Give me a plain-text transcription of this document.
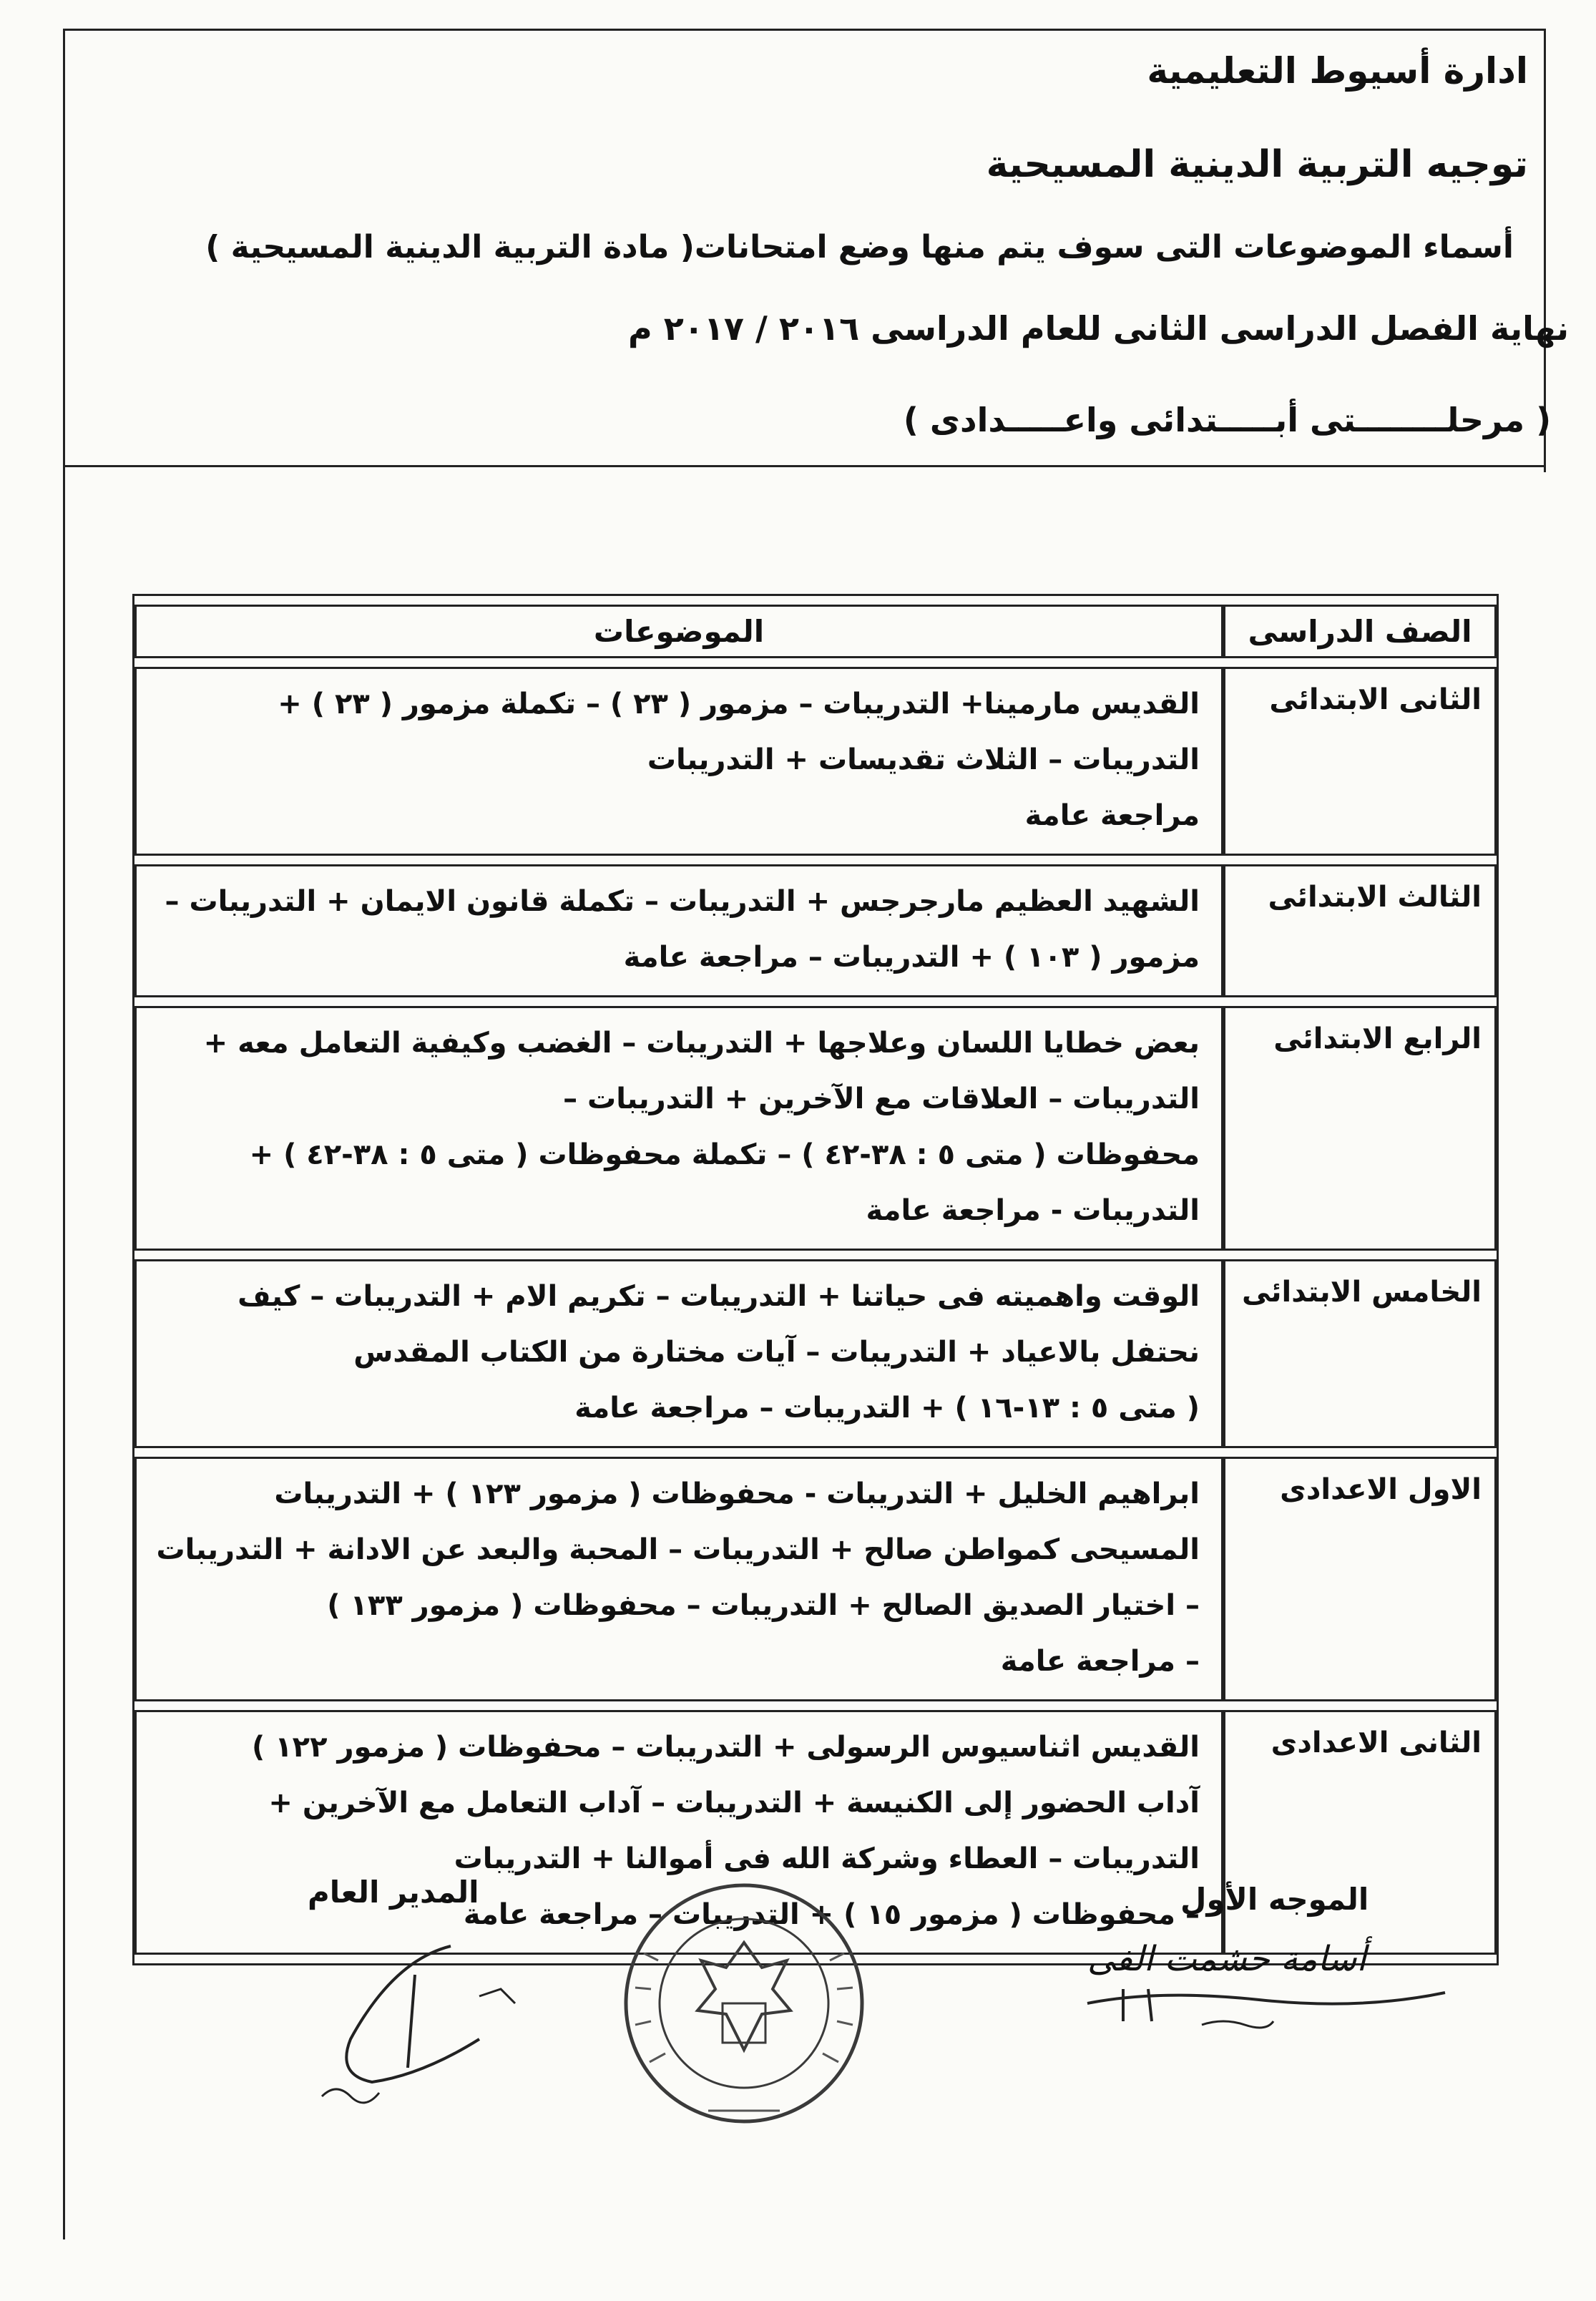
ادارة أسيوط التعليمية
توجيه التربية الدينية المسيحية
أسماء الموضوعات التى سوف يتم منها وضع امتحانات( مادة التربية الدينية المسيحية )
نهاية الفصل الدراسى الثانى للعام الدراسى ٢٠١٦ / ٢٠١٧ م
( مرحلــــــــتى أبـــــتدائى واعـــــدادى )
الصف الدراسى	الموضوعات
الثانى الابتدائى	القديس مارمينا+ التدريبات – مزمور ( ٢٣ ) – تكملة مزمور ( ٢٣ ) +
التدريبات – الثلاث تقديسات + التدريبات
مراجعة عامة

الثالث الابتدائى	الشهيد العظيم مارجرجس + التدريبات – تكملة قانون الايمان + التدريبات –
مزمور ( ١٠٣ ) + التدريبات – مراجعة عامة

الرابع الابتدائى	بعض خطايا اللسان وعلاجها + التدريبات – الغضب وكيفية التعامل معه +
التدريبات – العلاقات مع الآخرين + التدريبات –
محفوظات ( متى ٥ : ٣٨-٤٢ ) – تكملة محفوظات ( متى ٥ : ٣٨-٤٢ ) +
التدريبات - مراجعة عامة

الخامس الابتدائى	الوقت واهميته فى حياتنا + التدريبات – تكريم الام + التدريبات – كيف
نحتفل بالاعياد + التدريبات – آيات مختارة من الكتاب المقدس
( متى ٥ : ١٣-١٦ ) + التدريبات – مراجعة عامة

الاول الاعدادى	ابراهيم الخليل + التدريبات - محفوظات ( مزمور ١٢٣ ) + التدريبات
المسيحى كمواطن صالح + التدريبات – المحبة والبعد عن الادانة + التدريبات
– اختيار الصديق الصالح + التدريبات – محفوظات ( مزمور ١٣٣ )
– مراجعة عامة

الثانى الاعدادى	القديس اثناسيوس الرسولى + التدريبات – محفوظات ( مزمور ١٢٢ )
آداب الحضور إلى الكنيسة + التدريبات – آداب التعامل مع الآخرين +
التدريبات – العطاء وشركة الله فى أموالنا + التدريبات
– محفوظات ( مزمور ١٥ ) + التدريبات – مراجعة عامة
الموجه الأول
أسامة حشمت الفى
المدير العام
